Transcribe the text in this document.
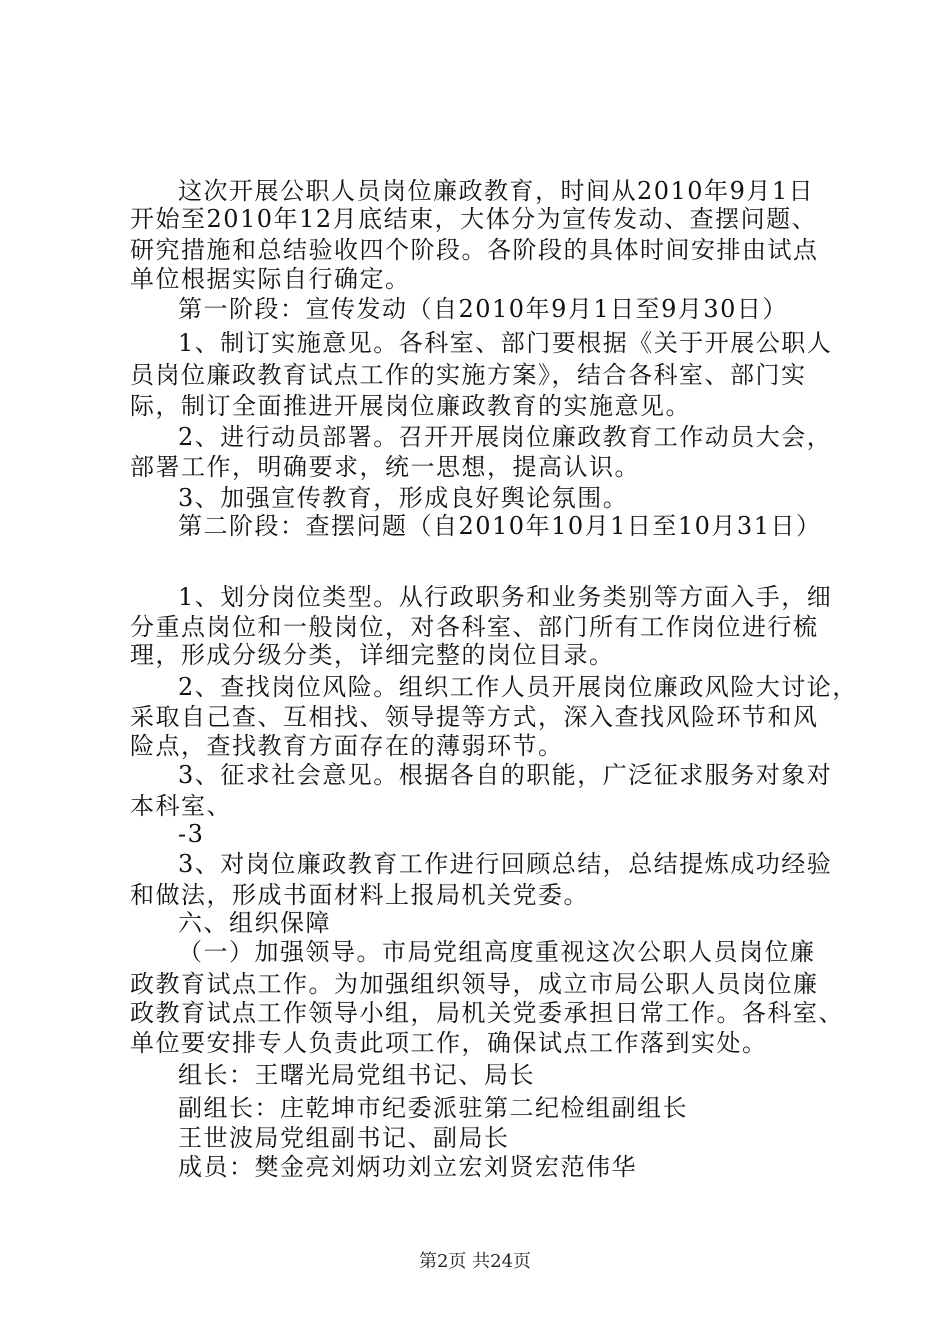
这次开展公职人员岗位廉政教育，时间从2010年9月1日
开始至2010年12月底结束，大体分为宣传发动、查摆问题、
研究措施和总结验收四个阶段。各阶段的具体时间安排由试点
单位根据实际自行确定。
第一阶段：宣传发动（自2010年9月1日至9月30日）
1、制订实施意见。各科室、部门要根据《关于开展公职人
员岗位廉政教育试点工作的实施方案》，结合各科室、部门实
际，制订全面推进开展岗位廉政教育的实施意见。
2、进行动员部署。召开开展岗位廉政教育工作动员大会，
部署工作，明确要求，统一思想，提高认识。
3、加强宣传教育，形成良好舆论氛围。
第二阶段：查摆问题（自2010年10月1日至10月31日）
1、划分岗位类型。从行政职务和业务类别等方面入手，细
分重点岗位和一般岗位，对各科室、部门所有工作岗位进行梳
理，形成分级分类，详细完整的岗位目录。
2、查找岗位风险。组织工作人员开展岗位廉政风险大讨论，
采取自己查、互相找、领导提等方式，深入查找风险环节和风
险点，查找教育方面存在的薄弱环节。
3、征求社会意见。根据各自的职能，广泛征求服务对象对
本科室、
-3
3、对岗位廉政教育工作进行回顾总结，总结提炼成功经验
和做法，形成书面材料上报局机关党委。
六、组织保障
（一）加强领导。市局党组高度重视这次公职人员岗位廉
政教育试点工作。为加强组织领导，成立市局公职人员岗位廉
政教育试点工作领导小组，局机关党委承担日常工作。各科室、
单位要安排专人负责此项工作，确保试点工作落到实处。
组长：王曙光局党组书记、局长
副组长：庄乾坤市纪委派驻第二纪检组副组长
王世波局党组副书记、副局长
成员：樊金亮刘炳功刘立宏刘贤宏范伟华
第2页 共24页
